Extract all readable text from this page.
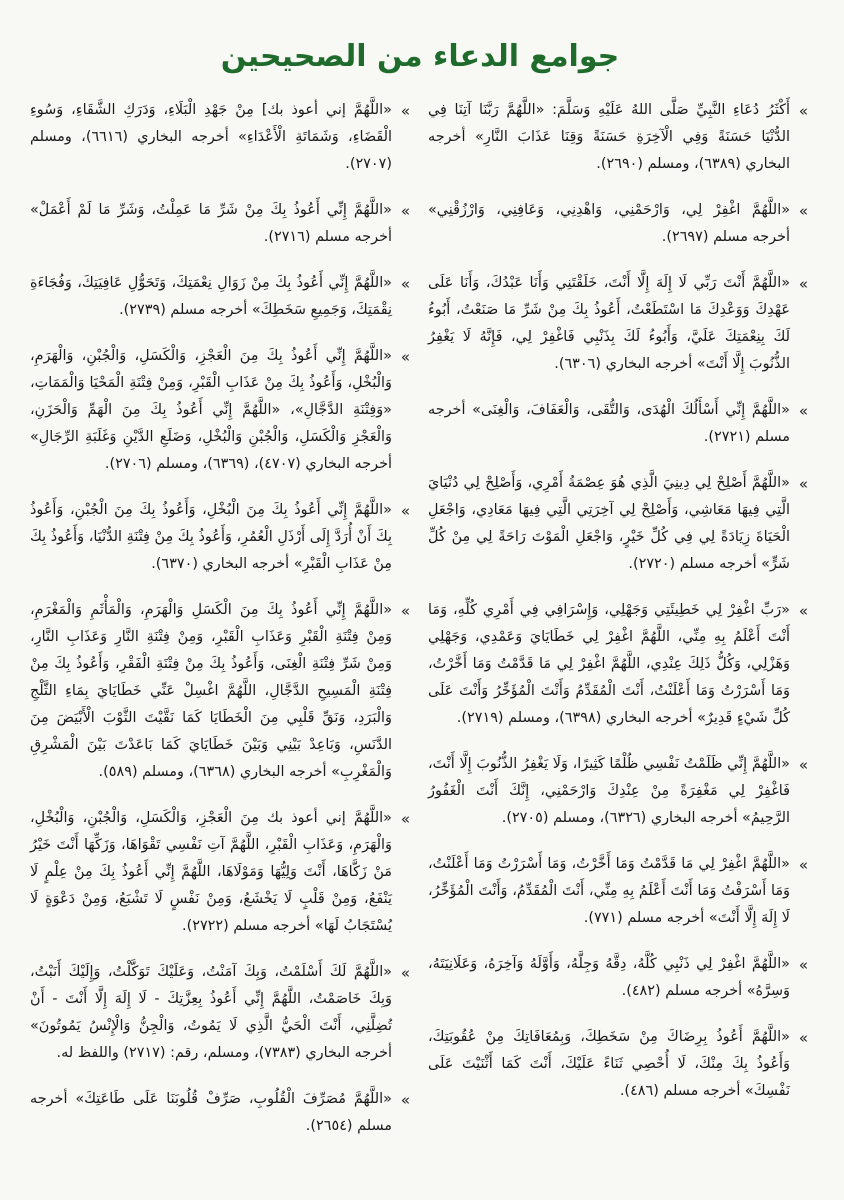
جوامع الدعاء من الصحيحين
»
أَكْثَرُ دُعَاءِ النَّبِيِّ صَلَّى اللهُ عَلَيْهِ وَسَلَّمَ: «اللَّهُمَّ رَبَّنَا آتِنَا فِي الدُّنْيَا حَسَنَةً وَفِي الْآخِرَةِ حَسَنَةً وَقِنَا عَذَابَ النَّارِ» أخرجه البخاري (٦٣٨٩)، ومسلم (٢٦٩٠).
»
«اللَّهُمَّ اغْفِرْ لِي، وَارْحَمْنِي، وَاهْدِنِي، وَعَافِنِي، وَارْزُقْنِي» أخرجه مسلم (٢٦٩٧).
»
«اللَّهُمَّ أَنْتَ رَبِّي لَا إِلَهَ إِلَّا أَنْتَ، خَلَقْتَنِي وَأَنَا عَبْدُكَ، وَأَنَا عَلَى عَهْدِكَ وَوَعْدِكَ مَا اسْتَطَعْتُ، أَعُوذُ بِكَ مِنْ شَرِّ مَا صَنَعْتُ، أَبُوءُ لَكَ بِنِعْمَتِكَ عَلَيَّ، وَأَبُوءُ لَكَ بِذَنْبِي فَاغْفِرْ لِي، فَإِنَّهُ لَا يَغْفِرُ الذُّنُوبَ إِلَّا أَنْتَ» أخرجه البخاري (٦٣٠٦).
»
«اللَّهُمَّ إِنِّي أَسْأَلُكَ الْهُدَى، وَالتُّقَى، وَالْعَفَافَ، وَالْغِنَى» أخرجه مسلم (٢٧٢١).
»
«اللَّهُمَّ أَصْلِحْ لِي دِينِيَ الَّذِي هُوَ عِصْمَةُ أَمْرِي، وَأَصْلِحْ لِي دُنْيَايَ الَّتِي فِيهَا مَعَاشِي، وَأَصْلِحْ لِي آخِرَتِي الَّتِي فِيهَا مَعَادِي، وَاجْعَلِ الْحَيَاةَ زِيَادَةً لِي فِي كُلِّ خَيْرٍ، وَاجْعَلِ الْمَوْتَ رَاحَةً لِي مِنْ كُلِّ شَرٍّ» أخرجه مسلم (٢٧٢٠).
»
«رَبِّ اغْفِرْ لِي خَطِيئَتِي وَجَهْلِي، وَإِسْرَافِي فِي أَمْرِي كُلِّهِ، وَمَا أَنْتَ أَعْلَمُ بِهِ مِنِّي، اللَّهُمَّ اغْفِرْ لِي خَطَايَايَ وَعَمْدِي، وَجَهْلِي وَهَزْلِي، وَكُلُّ ذَلِكَ عِنْدِي، اللَّهُمَّ اغْفِرْ لِي مَا قَدَّمْتُ وَمَا أَخَّرْتُ، وَمَا أَسْرَرْتُ وَمَا أَعْلَنْتُ، أَنْتَ الْمُقَدِّمُ وَأَنْتَ الْمُؤَخِّرُ وَأَنْتَ عَلَى كُلِّ شَيْءٍ قَدِيرٌ» أخرجه البخاري (٦٣٩٨)، ومسلم (٢٧١٩).
»
«اللَّهُمَّ إِنِّي ظَلَمْتُ نَفْسِي ظُلْمًا كَثِيرًا، وَلَا يَغْفِرُ الذُّنُوبَ إِلَّا أَنْتَ، فَاغْفِرْ لِي مَغْفِرَةً مِنْ عِنْدِكَ وَارْحَمْنِي، إِنَّكَ أَنْتَ الْغَفُورُ الرَّحِيمُ» أخرجه البخاري (٦٣٢٦)، ومسلم (٢٧٠٥).
»
«اللَّهُمَّ اغْفِرْ لِي مَا قَدَّمْتُ وَمَا أَخَّرْتُ، وَمَا أَسْرَرْتُ وَمَا أَعْلَنْتُ، وَمَا أَسْرَفْتُ وَمَا أَنْتَ أَعْلَمُ بِهِ مِنِّي، أَنْتَ الْمُقَدِّمُ، وَأَنْتَ الْمُؤَخِّرُ، لَا إِلَهَ إِلَّا أَنْتَ» أخرجه مسلم (٧٧١).
»
«اللَّهُمَّ اغْفِرْ لِي ذَنْبِي كُلَّهُ، دِقَّهُ وَجِلَّهُ، وَأَوَّلَهُ وَآخِرَهُ، وَعَلَانِيَتَهُ، وَسِرَّهُ» أخرجه مسلم (٤٨٢).
»
«اللَّهُمَّ أَعُوذُ بِرِضَاكَ مِنْ سَخَطِكَ، وَبِمُعَافَاتِكَ مِنْ عُقُوبَتِكَ، وَأَعُوذُ بِكَ مِنْكَ، لَا أُحْصِي ثَنَاءً عَلَيْكَ، أَنْتَ كَمَا أَثْنَيْتَ عَلَى نَفْسِكَ» أخرجه مسلم (٤٨٦).
»
«اللَّهُمَّ إني أعوذ بك] مِنْ جَهْدِ الْبَلَاءِ، وَدَرَكِ الشَّقَاءِ، وَسُوءِ الْقَضَاءِ، وَشَمَاتَةِ الْأَعْدَاءِ» أخرجه البخاري (٦٦١٦)، ومسلم (٢٧٠٧).
»
«اللَّهُمَّ إِنِّي أَعُوذُ بِكَ مِنْ شَرِّ مَا عَمِلْتُ، وَشَرِّ مَا لَمْ أَعْمَلْ» أخرجه مسلم (٢٧١٦).
»
«اللَّهُمَّ إِنِّي أَعُوذُ بِكَ مِنْ زَوَالِ نِعْمَتِكَ، وَتَحَوُّلِ عَافِيَتِكَ، وَفُجَاءَةِ نِقْمَتِكَ، وَجَمِيعِ سَخَطِكَ» أخرجه مسلم (٢٧٣٩).
»
«اللَّهُمَّ إِنِّي أَعُوذُ بِكَ مِنَ الْعَجْزِ، وَالْكَسَلِ، وَالْجُبْنِ، وَالْهَرَمِ، وَالْبُخْلِ، وَأَعُوذُ بِكَ مِنْ عَذَابِ الْقَبْرِ، وَمِنْ فِتْنَةِ الْمَحْيَا وَالْمَمَاتِ، «وَفِتْنَةِ الدَّجَّالِ»، «اللَّهُمَّ إِنِّي أَعُوذُ بِكَ مِنَ الْهَمِّ وَالْحَزَنِ، وَالْعَجْزِ وَالْكَسَلِ، وَالْجُبْنِ وَالْبُخْلِ، وَضَلَعِ الدَّيْنِ وَغَلَبَةِ الرِّجَالِ» أخرجه البخاري (٤٧٠٧)، (٦٣٦٩)، ومسلم (٢٧٠٦).
»
«اللَّهُمَّ إِنِّي أَعُوذُ بِكَ مِنَ الْبُخْلِ، وَأَعُوذُ بِكَ مِنَ الْجُبْنِ، وَأَعُوذُ بِكَ أَنْ أُرَدَّ إِلَى أَرْذَلِ الْعُمُرِ، وَأَعُوذُ بِكَ مِنْ فِتْنَةِ الدُّنْيَا، وَأَعُوذُ بِكَ مِنْ عَذَابِ الْقَبْرِ» أخرجه البخاري (٦٣٧٠).
»
«اللَّهُمَّ إِنِّي أَعُوذُ بِكَ مِنَ الْكَسَلِ وَالْهَرَمِ، وَالْمَأْثَمِ وَالْمَغْرَمِ، وَمِنْ فِتْنَةِ الْقَبْرِ وَعَذَابِ الْقَبْرِ، وَمِنْ فِتْنَةِ النَّارِ وَعَذَابِ النَّارِ، وَمِنْ شَرِّ فِتْنَةِ الْغِنَى، وَأَعُوذُ بِكَ مِنْ فِتْنَةِ الْفَقْرِ، وَأَعُوذُ بِكَ مِنْ فِتْنَةِ الْمَسِيحِ الدَّجَّالِ، اللَّهُمَّ اغْسِلْ عَنِّي خَطَايَايَ بِمَاءِ الثَّلْجِ وَالْبَرَدِ، وَنَقِّ قَلْبِي مِنَ الْخَطَايَا كَمَا نَقَّيْتَ الثَّوْبَ الْأَبْيَضَ مِنَ الدَّنَسِ، وَبَاعِدْ بَيْنِي وَبَيْنَ خَطَايَايَ كَمَا بَاعَدْتَ بَيْنَ الْمَشْرِقِ وَالْمَغْرِبِ» أخرجه البخاري (٦٣٦٨)، ومسلم (٥٨٩).
»
«اللَّهُمَّ إني أعوذ بك مِنَ الْعَجْزِ، وَالْكَسَلِ، وَالْجُبْنِ، وَالْبُخْلِ، وَالْهَرَمِ، وَعَذَابِ الْقَبْرِ، اللَّهُمَّ آتِ نَفْسِي تَقْوَاهَا، وَزَكِّهَا أَنْتَ خَيْرُ مَنْ زَكَّاهَا، أَنْتَ وَلِيُّهَا وَمَوْلَاهَا، اللَّهُمَّ إِنِّي أَعُوذُ بِكَ مِنْ عِلْمٍ لَا يَنْفَعُ، وَمِنْ قَلْبٍ لَا يَخْشَعُ، وَمِنْ نَفْسٍ لَا تَشْبَعُ، وَمِنْ دَعْوَةٍ لَا يُسْتَجَابُ لَهَا» أخرجه مسلم (٢٧٢٢).
»
«اللَّهُمَّ لَكَ أَسْلَمْتُ، وَبِكَ آمَنْتُ، وَعَلَيْكَ تَوَكَّلْتُ، وَإِلَيْكَ أَنَبْتُ، وَبِكَ خَاصَمْتُ، اللَّهُمَّ إِنِّي أَعُوذُ بِعِزَّتِكَ - لَا إِلَهَ إِلَّا أَنْتَ - أَنْ تُضِلَّنِي، أَنْتَ الْحَيُّ الَّذِي لَا يَمُوتُ، وَالْجِنُّ وَالْإِنْسُ يَمُوتُونَ» أخرجه البخاري (٧٣٨٣)، ومسلم، رقم: (٢٧١٧) واللفظ له.
»
«اللَّهُمَّ مُصَرِّفَ الْقُلُوبِ، صَرِّفْ قُلُوبَنَا عَلَى طَاعَتِكَ» أخرجه مسلم (٢٦٥٤).
